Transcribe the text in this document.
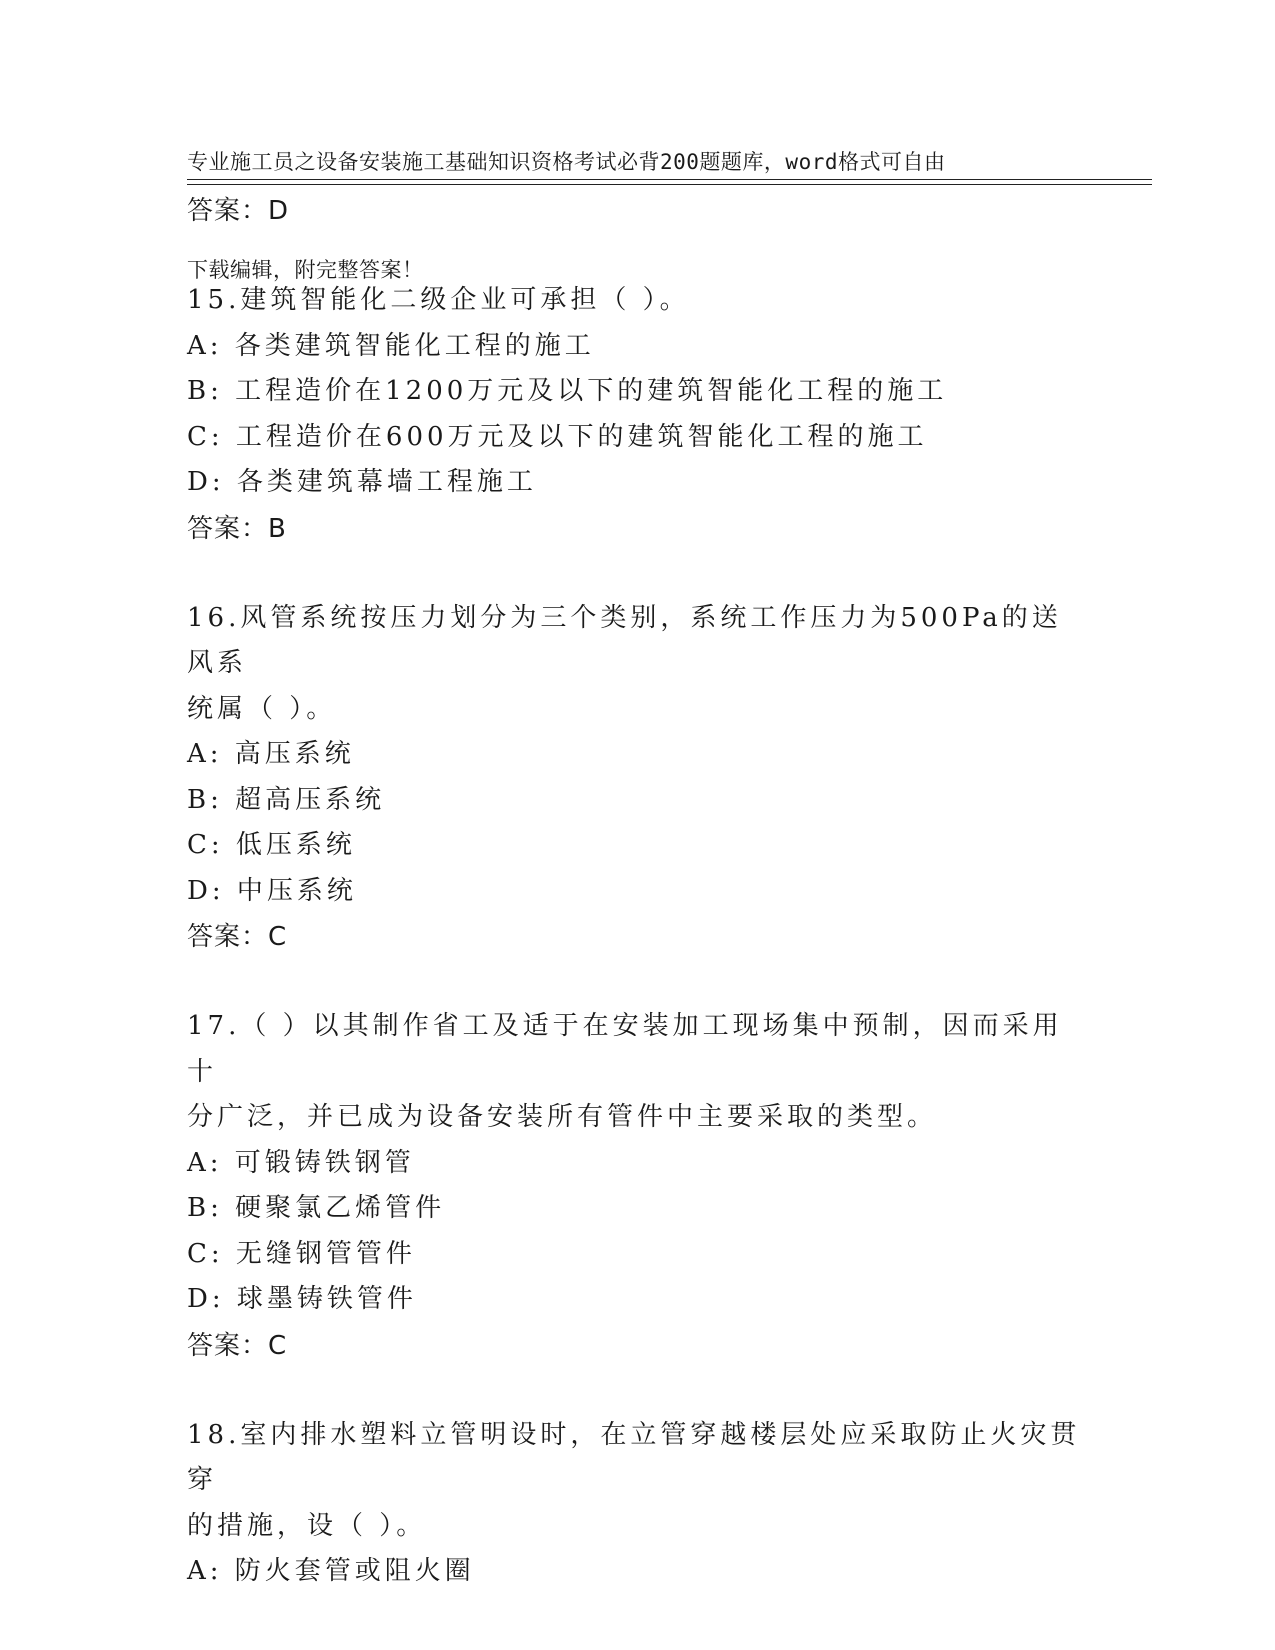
专业施工员之设备安装施工基础知识资格考试必背200题题库，word格式可自由

下载编辑，附完整答案！

答案：D
15.建筑智能化二级企业可承担（ ）。
A: 各类建筑智能化工程的施工
B: 工程造价在1200万元及以下的建筑智能化工程的施工
C: 工程造价在600万元及以下的建筑智能化工程的施工
D: 各类建筑幕墙工程施工
答案：B
16.风管系统按压力划分为三个类别，系统工作压力为500Pa的送风系
统属（ ）。
A: 高压系统
B: 超高压系统
C: 低压系统
D: 中压系统
答案：C
17.（ ）以其制作省工及适于在安装加工现场集中预制，因而采用十
分广泛，并已成为设备安装所有管件中主要采取的类型。
A: 可锻铸铁钢管
B: 硬聚氯乙烯管件
C: 无缝钢管管件
D: 球墨铸铁管件
答案：C
18.室内排水塑料立管明设时，在立管穿越楼层处应采取防止火灾贯穿
的措施，设（ ）。
A: 防火套管或阻火圈
